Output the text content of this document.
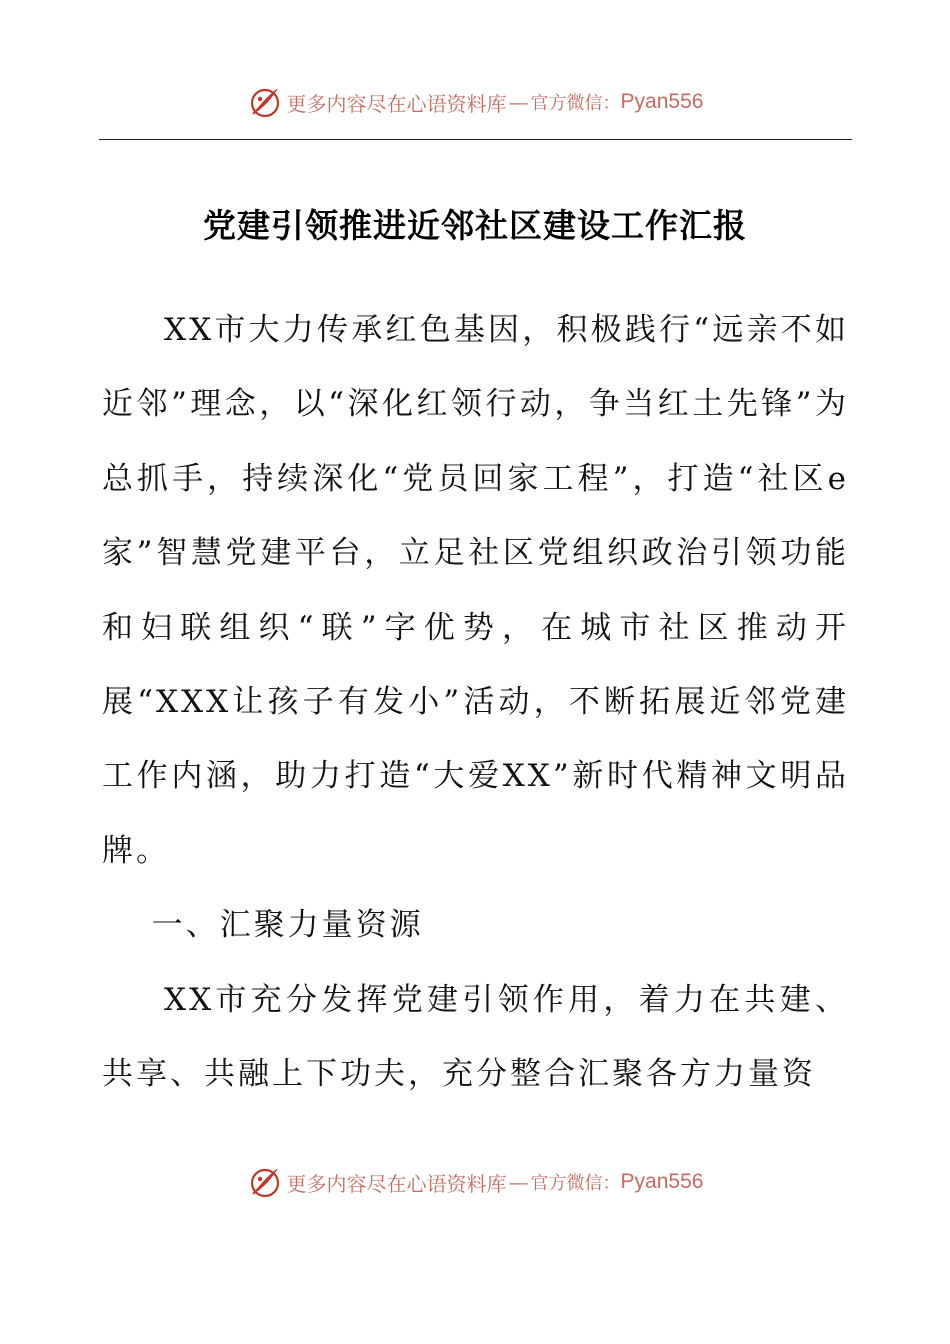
更多内容尽在心语资料库 — 官方微信： Pyan556
党建引领推进近邻社区建设工作汇报

XX市大力传承红色基因，积极践行“远亲不如近邻”理念，以“深化红领行动，争当红土先锋”为总抓手，持续深化“党员回家工程”，打造“社区e家”智慧党建平台，立足社区党组织政治引领功能和妇联组织“联”字优势，在城市社区推动开展“XXX让孩子有发小”活动，不断拓展近邻党建工作内涵，助力打造“大爱XX”新时代精神文明品牌。

一、汇聚力量资源

XX市充分发挥党建引领作用，着力在共建、共享、共融上下功夫，充分整合汇聚各方力量资

更多内容尽在心语资料库 — 官方微信： Pyan556
